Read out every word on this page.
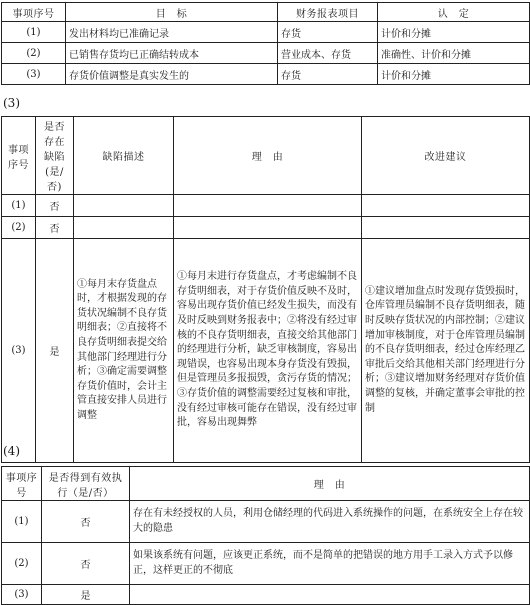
事项序号	目　标	财务报表项目	认　定
(1)	发出材料均已准确记录	存货	计价和分摊
(2)	已销售存货均已正确结转成本	营业成本、存货	准确性、计价和分摊
(3)	存货价值调整是真实发生的	存货	计价和分摊
(3)
事项序号	是否存在缺陷(是/否)	缺陷描述	理　由	改进建议
(1)	否			
(2)	否			
(3)	是	①每月末存货盘点时，才根据发现的存货状况编制不良存货明细表；②直接将不良存货明细表提交给其他部门经理进行分析；③确定需要调整存货价值时，会计主管直接安排人员进行调整	①每月末进行存货盘点，才考虑编制不良存货明细表，对于存货价值反映不及时，容易出现存货价值已经发生损失，而没有及时反映到财务报表中；②将没有经过审核的不良存货明细表，直接交给其他部门的经理进行分析，缺乏审核制度，容易出现错误，也容易出现本身存货没有毁损，但是管理员多报损毁，贪污存货的情况；③存货价值的调整需要经过复核和审批，没有经过审核可能存在错误，没有经过审批，容易出现舞弊	①建议增加盘点时发现存货毁损时，仓库管理员编制不良存货明细表，随时反映存货状况的内部控制；②建议增加审核制度，对于仓库管理员编制的不良存货明细表，经过仓库经理乙审批后交给其他相关部门经理进行分析；③建议增加财务经理对存货价值调整的复核，并确定董事会审批的控制
(4)
事项序号	是否得到有效执行（是/否）	理　由
(1)	否	存在有未经授权的人员，利用仓储经理的代码进入系统操作的问题，在系统安全上存在较大的隐患
(2)	否	如果该系统有问题，应该更正系统，而不是简单的把错误的地方用手工录入方式予以修正，这样更正的不彻底
(3)	是	
